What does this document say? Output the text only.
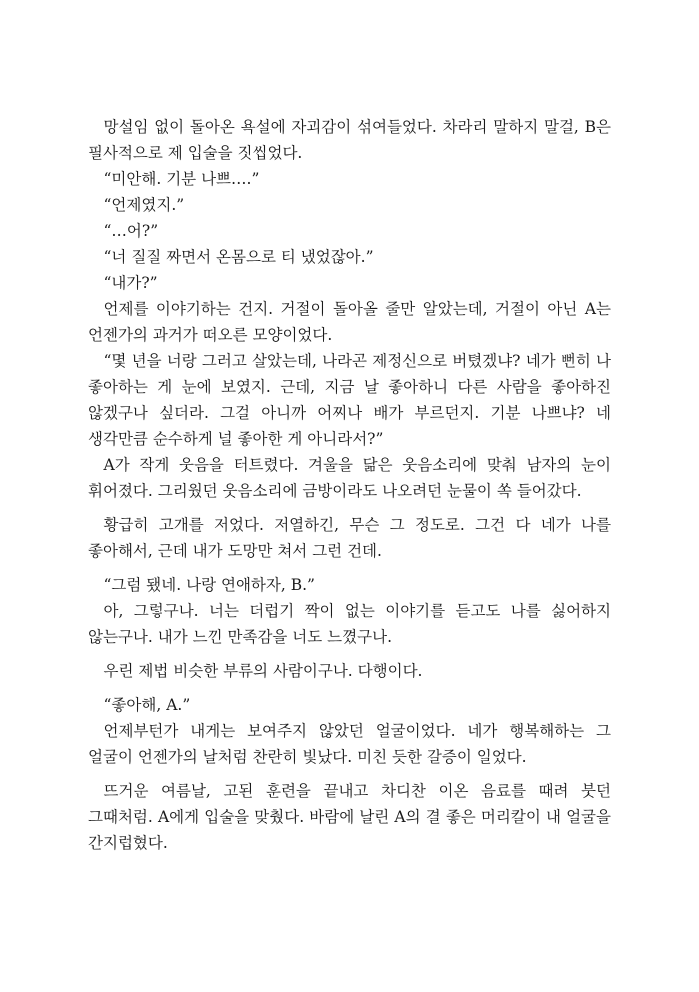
망설임 없이 돌아온 욕설에 자괴감이 섞여들었다. 차라리 말하지 말걸, B은 필사적으로 제 입술을 짓씹었다.

“미안해. 기분 나쁘….”

“언제였지.”

“…어?”

“너 질질 짜면서 온몸으로 티 냈었잖아.”

“내가?”

언제를 이야기하는 건지. 거절이 돌아올 줄만 알았는데, 거절이 아닌 A는 언젠가의 과거가 떠오른 모양이었다.

“몇 년을 너랑 그러고 살았는데, 나라곤 제정신으로 버텼겠냐? 네가 뻔히 나 좋아하는 게 눈에 보였지. 근데, 지금 날 좋아하니 다른 사람을 좋아하진 않겠구나 싶더라. 그걸 아니까 어찌나 배가 부르던지. 기분 나쁘냐? 네 생각만큼 순수하게 널 좋아한 게 아니라서?”

A가 작게 웃음을 터트렸다. 겨울을 닮은 웃음소리에 맞춰 남자의 눈이 휘어졌다. 그리웠던 웃음소리에 금방이라도 나오려던 눈물이 쏙 들어갔다.

황급히 고개를 저었다. 저열하긴, 무슨 그 정도로. 그건 다 네가 나를 좋아해서, 근데 내가 도망만 쳐서 그런 건데.

“그럼 됐네. 나랑 연애하자, B.”

아, 그렇구나. 너는 더럽기 짝이 없는 이야기를 듣고도 나를 싫어하지 않는구나. 내가 느낀 만족감을 너도 느꼈구나.

우린 제법 비슷한 부류의 사람이구나. 다행이다.

“좋아해, A.”

언제부턴가 내게는 보여주지 않았던 얼굴이었다. 네가 행복해하는 그 얼굴이 언젠가의 날처럼 찬란히 빛났다. 미친 듯한 갈증이 일었다.

뜨거운 여름날, 고된 훈련을 끝내고 차디찬 이온 음료를 때려 붓던 그때처럼. A에게 입술을 맞췄다. 바람에 날린 A의 결 좋은 머리칼이 내 얼굴을 간지럽혔다.
